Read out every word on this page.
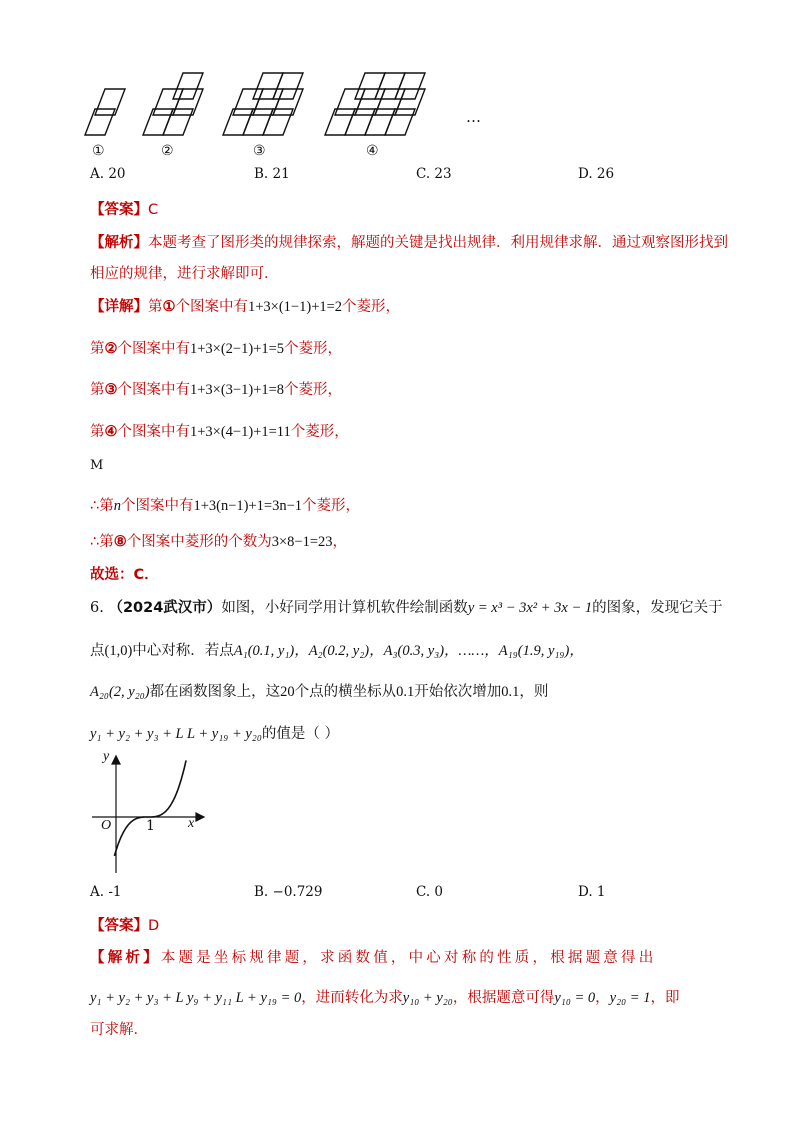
①	②	③	④
…
A. 20	B. 21	C. 23	D. 26
【答案】C
【解析】本题考查了图形类的规律探索，解题的关键是找出规律．利用规律求解．通过观察图形找到
相应的规律，进行求解即可．
【详解】第①个图案中有1+3×(1−1)+1=2个菱形，
第②个图案中有1+3×(2−1)+1=5个菱形，
第③个图案中有1+3×(3−1)+1=8个菱形，
第④个图案中有1+3×(4−1)+1=11个菱形，
M
∴第n个图案中有1+3(n−1)+1=3n−1个菱形，
∴第⑧个图案中菱形的个数为3×8−1=23，
故选：C．
6. （2024武汉市）如图，小好同学用计算机软件绘制函数y = x³ − 3x² + 3x − 1的图象，发现它关于
点(1,0)中心对称．若点A₁(0.1, y₁)，A₂(0.2, y₂)，A₃(0.3, y₃)，……，A₁₉(1.9, y₁₉)，
A₂₀(2, y₂₀)都在函数图象上，这20个点的横坐标从0.1开始依次增加0.1，则
y₁ + y₂ + y₃ + L L + y₁₉ + y₂₀的值是（ ）
y
x
O 1
A. -1	B. −0.729	C. 0	D. 1
【答案】D
【解析】本题是坐标规律题，求函数值，中心对称的性质，根据题意得出
y₁ + y₂ + y₃ + L y₉ + y₁₁ L + y₁₉ = 0，进而转化为求y₁₀ + y₂₀，根据题意可得y₁₀ = 0，y₂₀ = 1，即
可求解．
